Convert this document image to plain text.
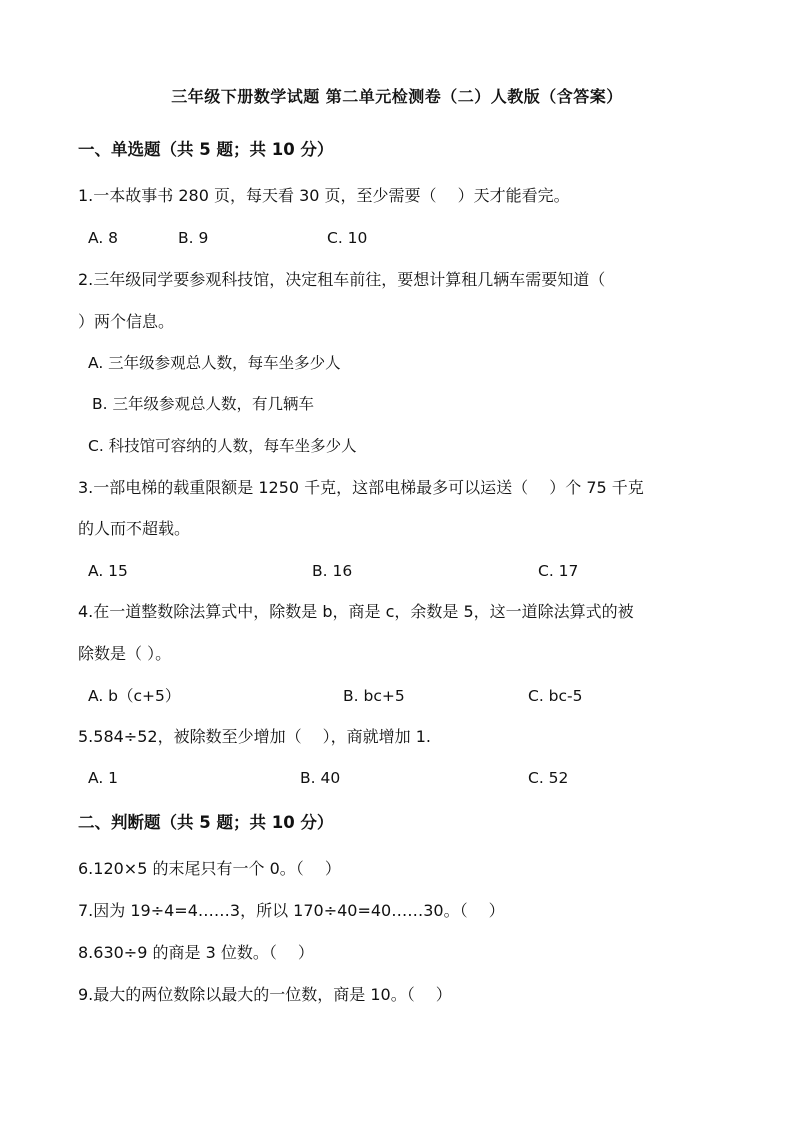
三年级下册数学试题 第二单元检测卷（二）人教版（含答案）
一、单选题（共 5 题；共 10 分）
1.一本故事书 280 页，每天看 30 页，至少需要（　 ）天才能看完。
A. 8	B. 9	C. 10
2.三年级同学要参观科技馆，决定租车前往，要想计算租几辆车需要知道（
）两个信息。
A. 三年级参观总人数，每车坐多少人
B. 三年级参观总人数，有几辆车
C. 科技馆可容纳的人数，每车坐多少人
3.一部电梯的载重限额是 1250 千克，这部电梯最多可以运送（　 ）个 75 千克
的人而不超载。
A. 15	B. 16	C. 17
4.在一道整数除法算式中，除数是 b，商是 c，余数是 5，这一道除法算式的被
除数是（ ）。
A. b（c+5）	B. bc+5	C. bc-5
5.584÷52，被除数至少增加（　 ），商就增加 1.
A. 1	B. 40	C. 52
二、判断题（共 5 题；共 10 分）
6.120×5 的末尾只有一个 0。（　 ）
7.因为 19÷4=4……3，所以 170÷40=40……30。（　 ）
8.630÷9 的商是 3 位数。（　 ）
9.最大的两位数除以最大的一位数，商是 10。（　 ）
